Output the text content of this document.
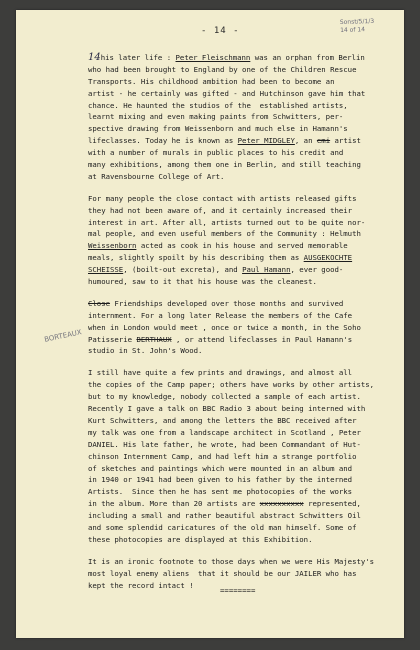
- 14 -
Sonst/5/1/3
14 of 14
BORTEAUX
14his later life : Peter Fleischmann was an orphan from Berlin
who had been brought to England by one of the Children Rescue
Transports. His childhood ambition had been to become an
artist - he certainly was gifted - and Hutchinson gave him that
chance. He haunted the studios of the  established artists,
learnt mixing and even making paints from Schwitters, per-
spective drawing from Weissenborn and much else in Hamann's
lifeclasses. Today he is known as Peter MIDGLEY, an emi artist
with a number of murals in public places to his credit and
many exhibitions, among them one in Berlin, and still teaching
at Ravensbourne College of Art.
For many people the close contact with artists released gifts
they had not been aware of, and it certainly increased their
interest in art. After all, artists turned out to be quite nor-
mal people, and even useful members of the Community : Helmuth
Weissenborn acted as cook in his house and served memorable
meals, slightly spoilt by his describing them as AUSGEKOCHTE
SCHEISSE, (boilt-out excreta), and Paul Hamann, ever good-
humoured, saw to it that his house was the cleanest.
Close Friendships developed over those months and survived
internment. For a long later Release the members of the Cafe
when in London would meet , once or twice a month, in the Soho
Patisserie BERTHAUX , or attend lifeclasses in Paul Hamann's
studio in St. John's Wood.
I still have quite a few prints and drawings, and almost all
the copies of the Camp paper; others have works by other artists,
but to my knowledge, nobody collected a sample of each artist.
Recently I gave a talk on BBC Radio 3 about being interned with
Kurt Schwitters, and among the letters the BBC received after
my talk was one from a landscape architect in Scotland , Peter
DANIEL. His late father, he wrote, had been Commandant of Hut-
chinson Internment Camp, and had left him a strange portfolio
of sketches and paintings which were mounted in an album and
in 1940 or 1941 had been given to his father by the interned
Artists.  Since then he has sent me photocopies of the works
in the album. More than 20 artists are xxxxxxxxxx represented,
including a small and rather beautiful abstract Schwitters Oil
and some splendid caricatures of the old man himself. Some of
these photocopies are displayed at this Exhibition.
It is an ironic footnote to those days when we were His Majesty's
most loyal enemy aliens  that it should be our JAILER who has
kept the record intact !
========
